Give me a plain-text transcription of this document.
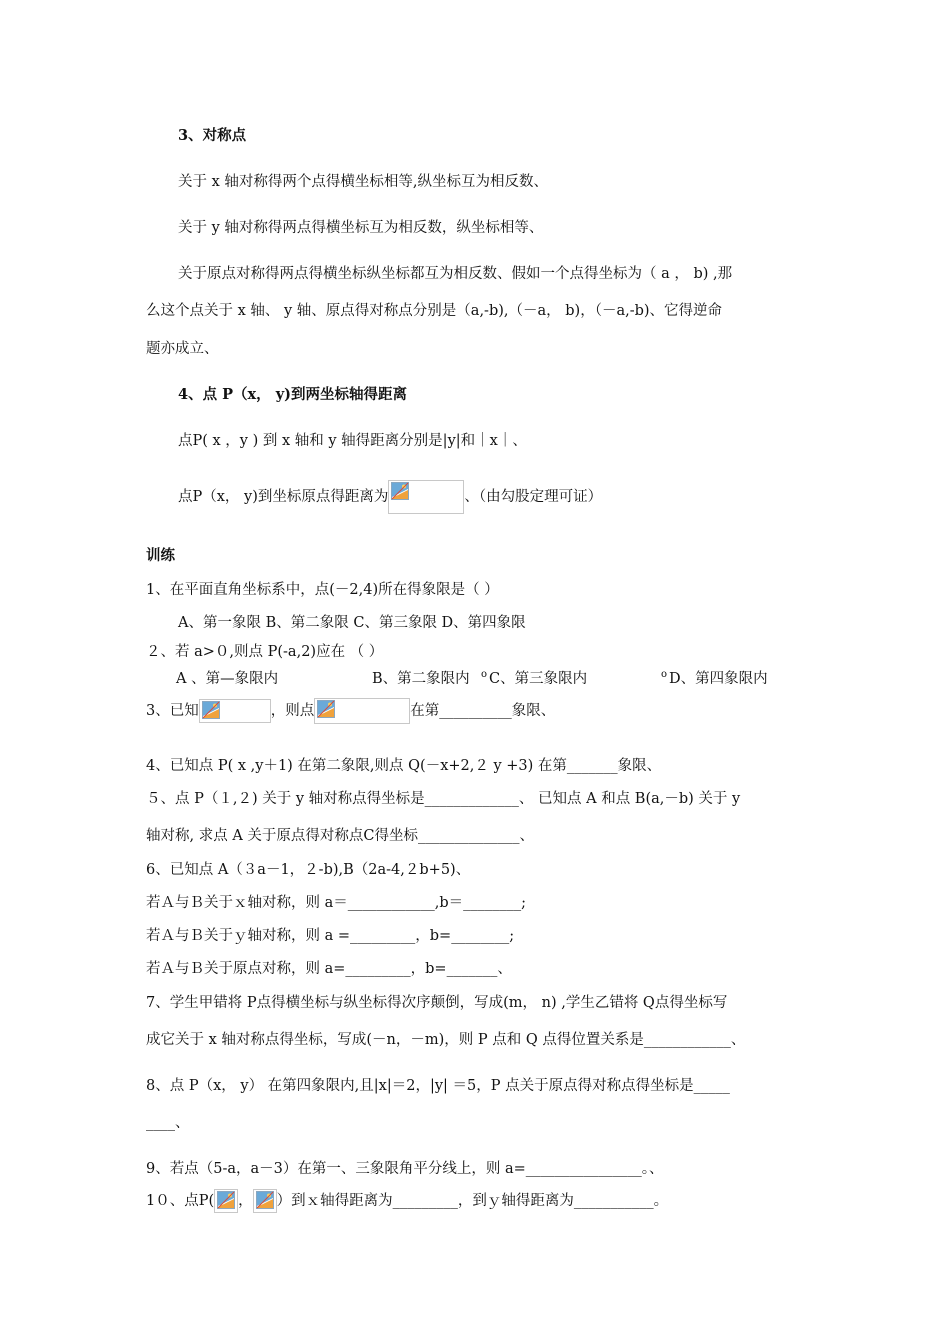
3、对称点
关于 x 轴对称得两个点得横坐标相等,纵坐标互为相反数、
关于 y 轴对称得两点得横坐标互为相反数，纵坐标相等、
关于原点对称得两点得横坐标纵坐标都互为相反数、假如一个点得坐标为（ a ， b) ,那
么这个点关于 x 轴、 y 轴、原点得对称点分别是（a,-b),（－a， b)，（－a,-b)、它得逆命
题亦成立、
4、点 P（x， y)到两坐标轴得距离
点P( x ，y ) 到 x 轴和 y 轴得距离分别是|y|和｜x｜、
点P（x， y)到坐标原点得距离为	、（由勾股定理可证）
训练
1、在平面直角坐标系中，点(－2,4)所在得象限是（ ）
A、第一象限 B、第二象限 C、第三象限 D、第四象限
２、若 a>０,则点 P(-a,2)应在 （ ）
A 、第—象限内	B、第二象限内 o C、第三象限内	o D、第四象限内
3、已知	，则点	在第__________象限、
4、已知点 P( x ,y＋1) 在第二象限,则点 Q(－x+2,２ y +3) 在第_______象限、
５、点 P（１,２) 关于 y 轴对称点得坐标是_____________、 已知点 A 和点 B(a,－b) 关于 y
轴对称, 求点 A 关于原点得对称点C得坐标______________、
6、已知点 A（３a－1，２-b),B（2a-4,２b+5)、
若Ａ与Ｂ关于ｘ轴对称，则 a＝____________,b＝________;
若Ａ与Ｂ关于ｙ轴对称，则 a =_________，b=________;
若Ａ与Ｂ关于原点对称，则 a=_________，b=_______、
7、学生甲错将 P点得横坐标与纵坐标得次序颠倒，写成(m， n) ,学生乙错将 Q点得坐标写
成它关于 x 轴对称点得坐标，写成(－n，－m)，则 P 点和 Q 点得位置关系是____________、
8、点 P（x， y） 在第四象限内,且|x|＝2，|y| ＝5，P 点关于原点得对称点得坐标是_____
____、
9、若点（5-a，a－3）在第一、三象限角平分线上，则 a=________________。、
1０、点P( ， ）到ｘ轴得距离为_________，到ｙ轴得距离为___________。
